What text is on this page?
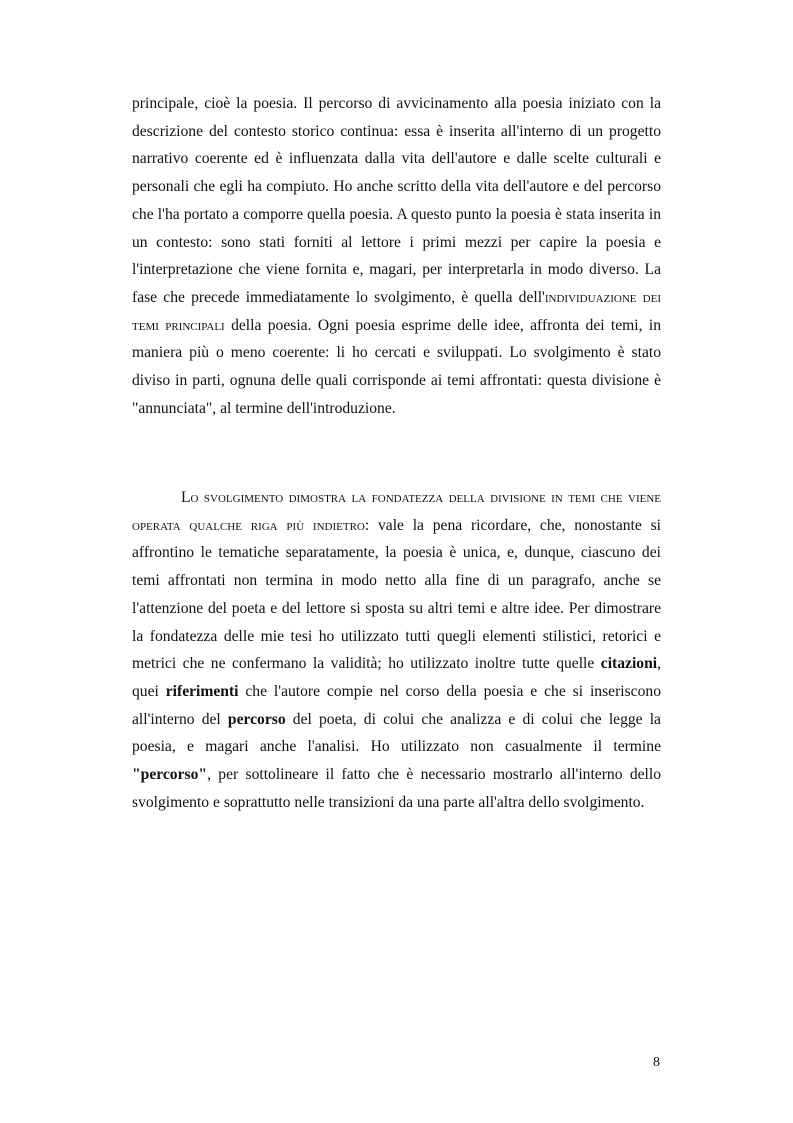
principale, cioè la poesia. Il percorso di avvicinamento alla poesia iniziato con la descrizione del contesto storico continua: essa è inserita all'interno di un progetto narrativo coerente ed è influenzata dalla vita dell'autore e dalle scelte culturali e personali che egli ha compiuto. Ho anche scritto della vita dell'autore e del percorso che l'ha portato a comporre quella poesia. A questo punto la poesia è stata inserita in un contesto: sono stati forniti al lettore i primi mezzi per capire la poesia e l'interpretazione che viene fornita e, magari, per interpretarla in modo diverso. La fase che precede immediatamente lo svolgimento, è quella dell'individuazione dei temi principali della poesia. Ogni poesia esprime delle idee, affronta dei temi, in maniera più o meno coerente: li ho cercati e sviluppati. Lo svolgimento è stato diviso in parti, ognuna delle quali corrisponde ai temi affrontati: questa divisione è "annunciata", al termine dell'introduzione.

Lo svolgimento dimostra la fondatezza della divisione in temi che viene operata qualche riga più indietro: vale la pena ricordare, che, nonostante si affrontino le tematiche separatamente, la poesia è unica, e, dunque, ciascuno dei temi affrontati non termina in modo netto alla fine di un paragrafo, anche se l'attenzione del poeta e del lettore si sposta su altri temi e altre idee. Per dimostrare la fondatezza delle mie tesi ho utilizzato tutti quegli elementi stilistici, retorici e metrici che ne confermano la validità; ho utilizzato inoltre tutte quelle citazioni, quei riferimenti che l'autore compie nel corso della poesia e che si inseriscono all'interno del percorso del poeta, di colui che analizza e di colui che legge la poesia, e magari anche l'analisi. Ho utilizzato non casualmente il termine "percorso", per sottolineare il fatto che è necessario mostrarlo all'interno dello svolgimento e soprattutto nelle transizioni da una parte all'altra dello svolgimento.

8
